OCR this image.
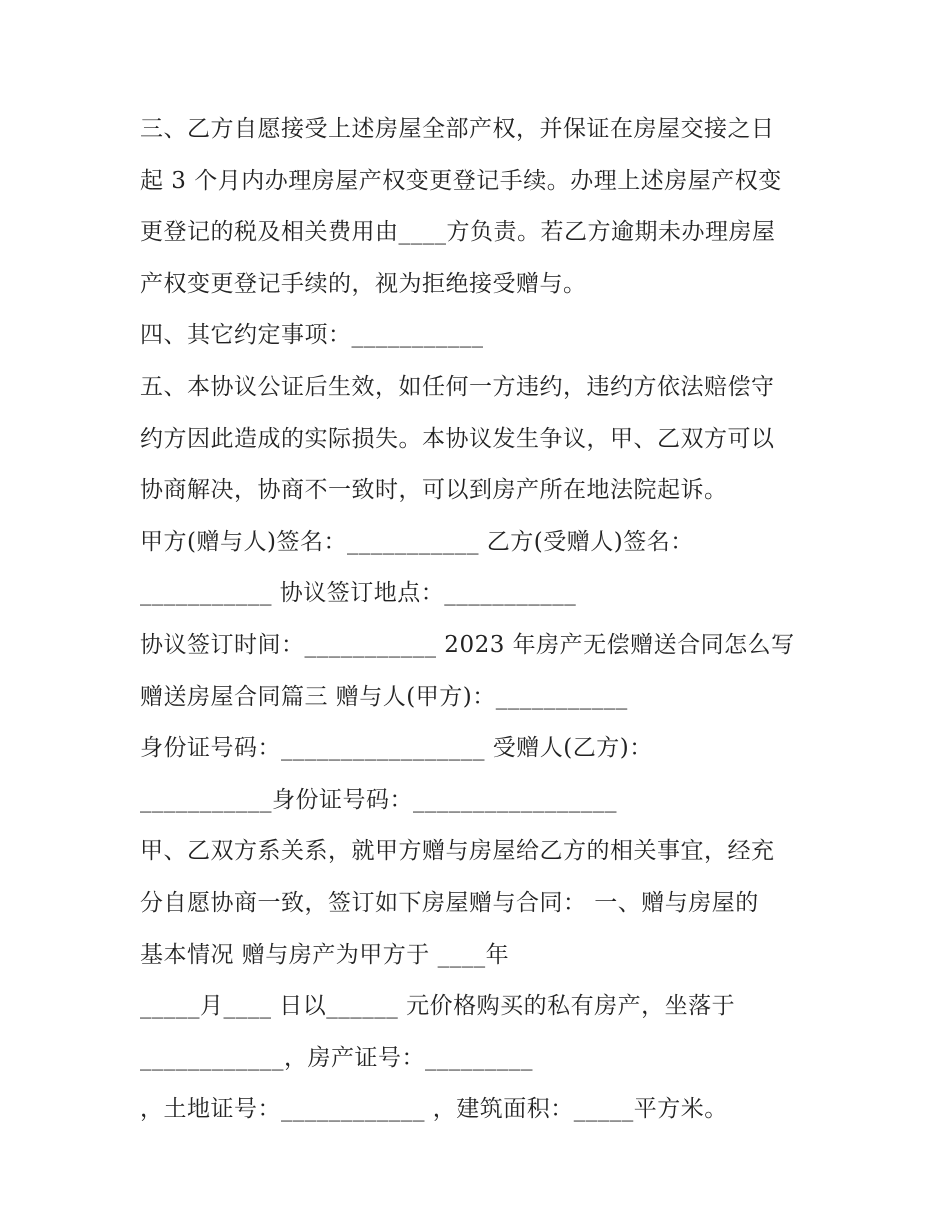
三、乙方自愿接受上述房屋全部产权，并保证在房屋交接之日
起 3 个月内办理房屋产权变更登记手续。办理上述房屋产权变
更登记的税及相关费用由____方负责。若乙方逾期未办理房屋
产权变更登记手续的，视为拒绝接受赠与。
四、其它约定事项：___________
五、本协议公证后生效，如任何一方违约，违约方依法赔偿守
约方因此造成的实际损失。本协议发生争议，甲、乙双方可以
协商解决，协商不一致时，可以到房产所在地法院起诉。
甲方(赠与人)签名：___________ 乙方(受赠人)签名：
___________ 协议签订地点：___________
协议签订时间：___________ 2023 年房产无偿赠送合同怎么写
赠送房屋合同篇三 赠与人(甲方)：___________
身份证号码：_________________ 受赠人(乙方)：
___________身份证号码：_________________
甲、乙双方系关系，就甲方赠与房屋给乙方的相关事宜，经充
分自愿协商一致，签订如下房屋赠与合同： 一、赠与房屋的
基本情况 赠与房产为甲方于 ____年
_____月____ 日以______ 元价格购买的私有房产，坐落于
____________，房产证号：_________
，土地证号：____________ ，建筑面积：_____平方米。
